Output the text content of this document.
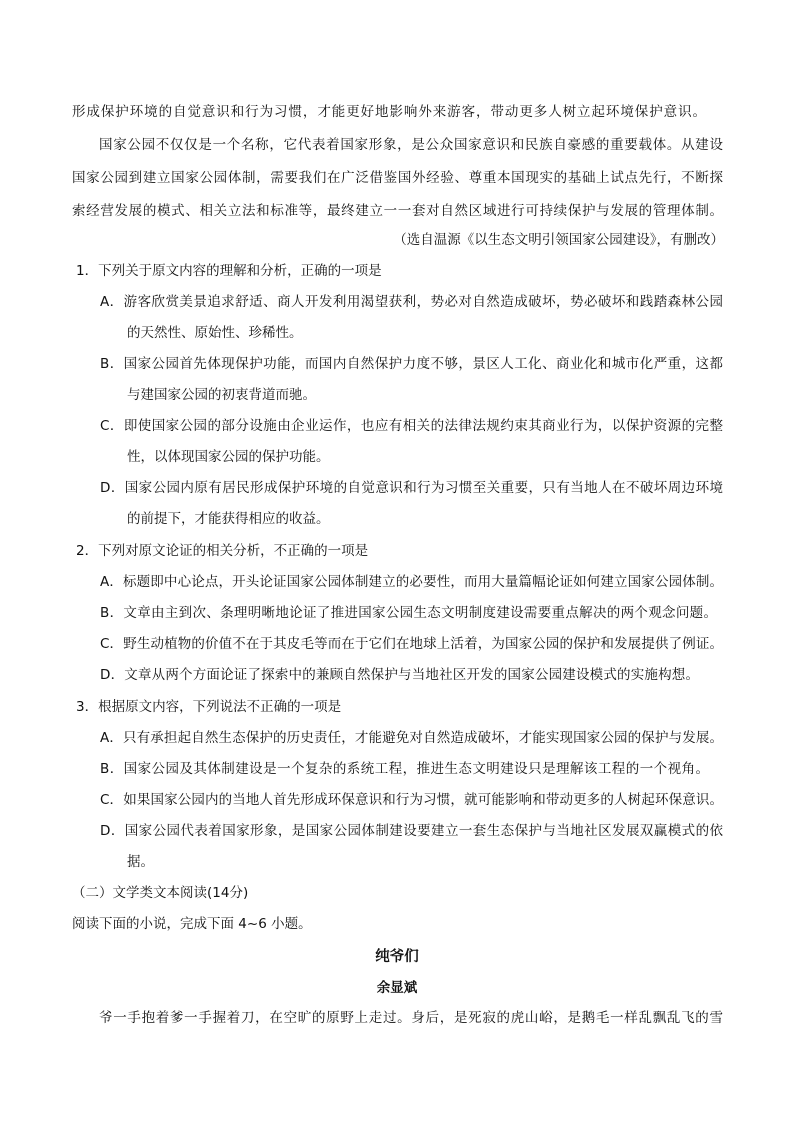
形成保护环境的自觉意识和行为习惯，才能更好地影响外来游客，带动更多人树立起环境保护意识。
国家公园不仅仅是一个名称，它代表着国家形象，是公众国家意识和民族自豪感的重要载体。从建设
国家公园到建立国家公园体制，需要我们在广泛借鉴国外经验、尊重本国现实的基础上试点先行，不断探
索经营发展的模式、相关立法和标准等，最终建立一一套对自然区域进行可持续保护与发展的管理体制。
（选自温源《以生态文明引领国家公园建设》，有删改）
1．下列关于原文内容的理解和分析，正确的一项是
A．游客欣赏美景追求舒适、商人开发利用渴望获利，势必对自然造成破坏，势必破坏和践踏森林公园
的天然性、原始性、珍稀性。
B．国家公园首先体现保护功能，而国内自然保护力度不够，景区人工化、商业化和城市化严重，这都
与建国家公园的初衷背道而驰。
C．即使国家公园的部分设施由企业运作，也应有相关的法律法规约束其商业行为，以保护资源的完整
性，以体现国家公园的保护功能。
D．国家公园内原有居民形成保护环境的自觉意识和行为习惯至关重要，只有当地人在不破坏周边环境
的前提下，才能获得相应的收益。
2．下列对原文论证的相关分析，不正确的一项是
A．标题即中心论点，开头论证国家公园体制建立的必要性，而用大量篇幅论证如何建立国家公园体制。
B．文章由主到次、条理明晰地论证了推进国家公园生态文明制度建设需要重点解决的两个观念问题。
C．野生动植物的价值不在于其皮毛等而在于它们在地球上活着，为国家公园的保护和发展提供了例证。
D．文章从两个方面论证了探索中的兼顾自然保护与当地社区开发的国家公园建设模式的实施构想。
3．根据原文内容，下列说法不正确的一项是
A．只有承担起自然生态保护的历史责任，才能避免对自然造成破坏，才能实现国家公园的保护与发展。
B．国家公园及其体制建设是一个复杂的系统工程，推进生态文明建设只是理解该工程的一个视角。
C．如果国家公园内的当地人首先形成环保意识和行为习惯，就可能影响和带动更多的人树起环保意识。
D．国家公园代表着国家形象，是国家公园体制建设要建立一套生态保护与当地社区发展双赢模式的依
据。
（二）文学类文本阅读(14分)
阅读下面的小说，完成下面 4~6 小题。
纯爷们
余显斌
爷一手抱着爹一手握着刀，在空旷的原野上走过。身后，是死寂的虎山峪，是鹅毛一样乱飘乱飞的雪
